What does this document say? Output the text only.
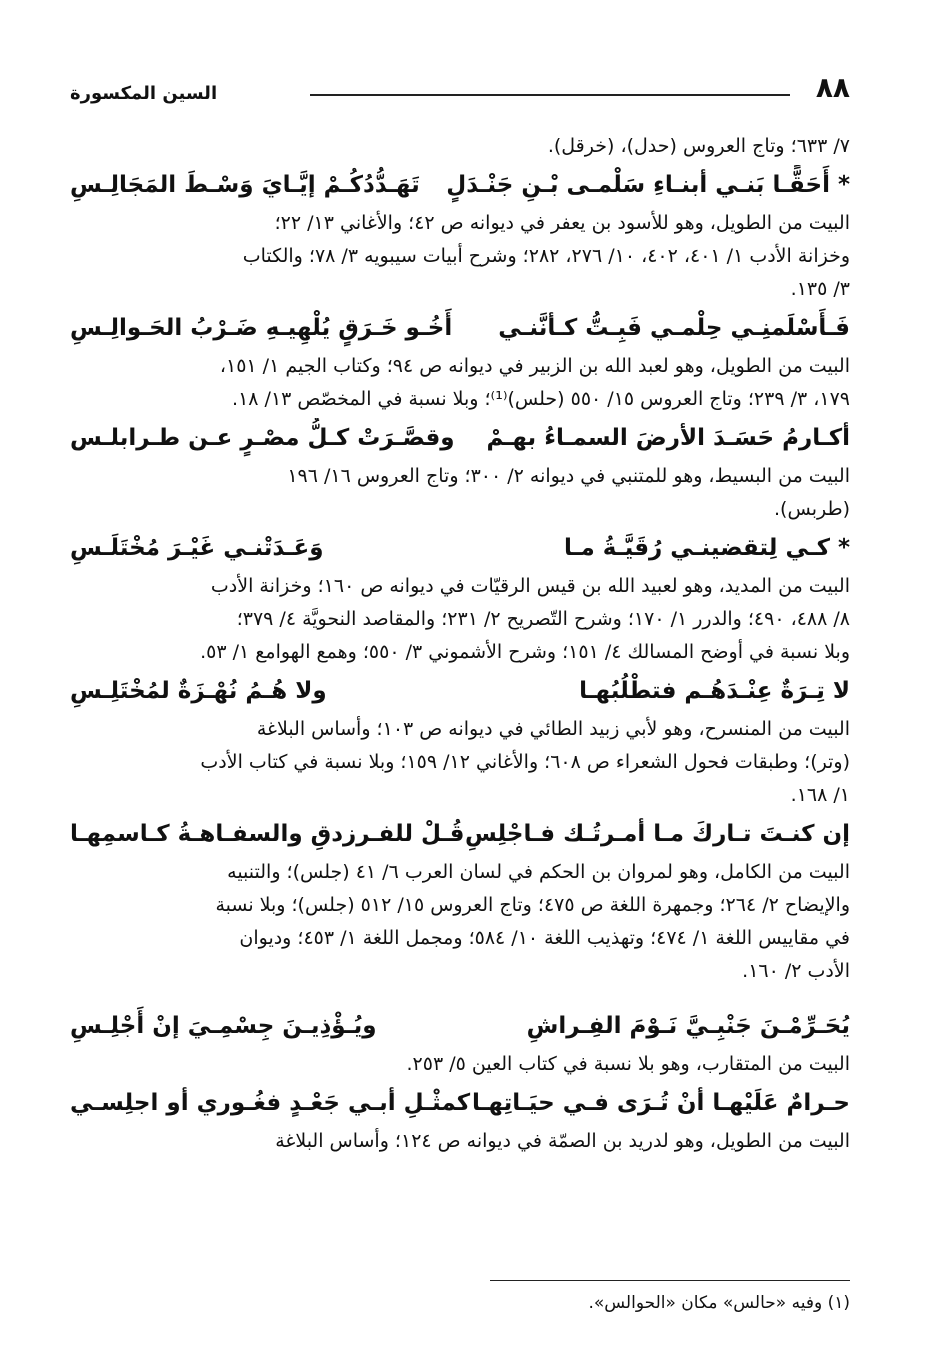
٨٨
السين المكسورة
٧/ ٦٣٣؛ وتاج العروس (حدل)، (خرقل).
* أَحَقًّـا بَنـي أبنـاءِ سَلْمـى بْـنِ جَنْـدَلٍ
تَهَـدُّدُكُـمْ إيَّـايَ وَسْـطَ المَجَالِـسِ
البيت من الطويل، وهو للأسود بن يعفر في ديوانه ص ٤٢؛ والأغاني ١٣/ ٢٢؛
وخزانة الأدب ١/ ٤٠١، ٤٠٢، ١٠/ ٢٧٦، ٢٨٢؛ وشرح أبيات سيبويه ٣/ ٧٨؛ والكتاب
٣/ ١٣٥.
فَـأَسْلَمنِـي حِلْمـي فَبِـتُّ كـأنَّنـي
أَخُـو خَـرَقٍ يُلْهِيـهِ ضَـرْبُ الحَـوالِـسِ
البيت من الطويل، وهو لعبد الله بن الزبير في ديوانه ص ٩٤؛ وكتاب الجيم ١/ ١٥١،
١٧٩، ٣/ ٢٣٩؛ وتاج العروس ١٥/ ٥٥٠ (حلس)⁽¹⁾؛ وبلا نسبة في المخصّص ١٣/ ١٨.
أكـارمُ حَسَـدَ الأرضَ السمـاءُ بهـمْ
وقصَّـرَتْ كـلُّ مصْـرٍ عـن طـرابلـس
البيت من البسيط، وهو للمتنبي في ديوانه ٢/ ٣٠٠؛ وتاج العروس ١٦/ ١٩٦
(طربس).
* كـي لِتقضينـي رُقَيَّـةُ مـا
وَعَـدَتْنـي غَيْـرَ مُخْتَلَـسِ
البيت من المديد، وهو لعبيد الله بن قيس الرقيّات في ديوانه ص ١٦٠؛ وخزانة الأدب
٨/ ٤٨٨، ٤٩٠؛ والدرر ١/ ١٧٠؛ وشرح التّصريح ٢/ ٢٣١؛ والمقاصد النحويَّة ٤/ ٣٧٩؛
وبلا نسبة في أوضح المسالك ٤/ ١٥١؛ وشرح الأشموني ٣/ ٥٥٠؛ وهمع الهوامع ١/ ٥٣.
لا تِـرَةٌ عِنْـدَهُـم فتطْلُبُهـا
ولا هُـمُ نُهْـزَةٌ لمُخْتَلِـسِ
البيت من المنسرح، وهو لأبي زبيد الطائي في ديوانه ص ١٠٣؛ وأساس البلاغة
(وتر)؛ وطبقات فحول الشعراء ص ٦٠٨؛ والأغاني ١٢/ ١٥٩؛ وبلا نسبة في كتاب الأدب
١/ ١٦٨.
إن كنـتَ تـاركَ مـا أمـرتُـك فـاجْلِسِ
قُـلْ للفـرزدقِ والسفـاهـةُ كـاسمِهـا
البيت من الكامل، وهو لمروان بن الحكم في لسان العرب ٦/ ٤١ (جلس)؛ والتنبيه
والإيضاح ٢/ ٢٦٤؛ وجمهرة اللغة ص ٤٧٥؛ وتاج العروس ١٥/ ٥١٢ (جلس)؛ وبلا نسبة
في مقاييس اللغة ١/ ٤٧٤؛ وتهذيب اللغة ١٠/ ٥٨٤؛ ومجمل اللغة ١/ ٤٥٣؛ وديوان
الأدب ٢/ ١٦٠.
يُحَـرِّمْـنَ جَنْبِـيَّ نَـوْمَ الفِـراشِ
ويُـؤْذِيـنَ جِسْمِـيَ إنْ أَجْلِـسِ
البيت من المتقارب، وهو بلا نسبة في كتاب العين ٥/ ٢٥٣.
حـرامٌ عَلَيْهـا أنْ تُـرَى فـي حيَـاتِهـا
كمثْـلِ أبـي جَعْـدٍ فغُـوري أو اجلِسـي
البيت من الطويل، وهو لدريد بن الصمّة في ديوانه ص ١٢٤؛ وأساس البلاغة
(١) وفيه «حالس» مكان «الحوالس».
